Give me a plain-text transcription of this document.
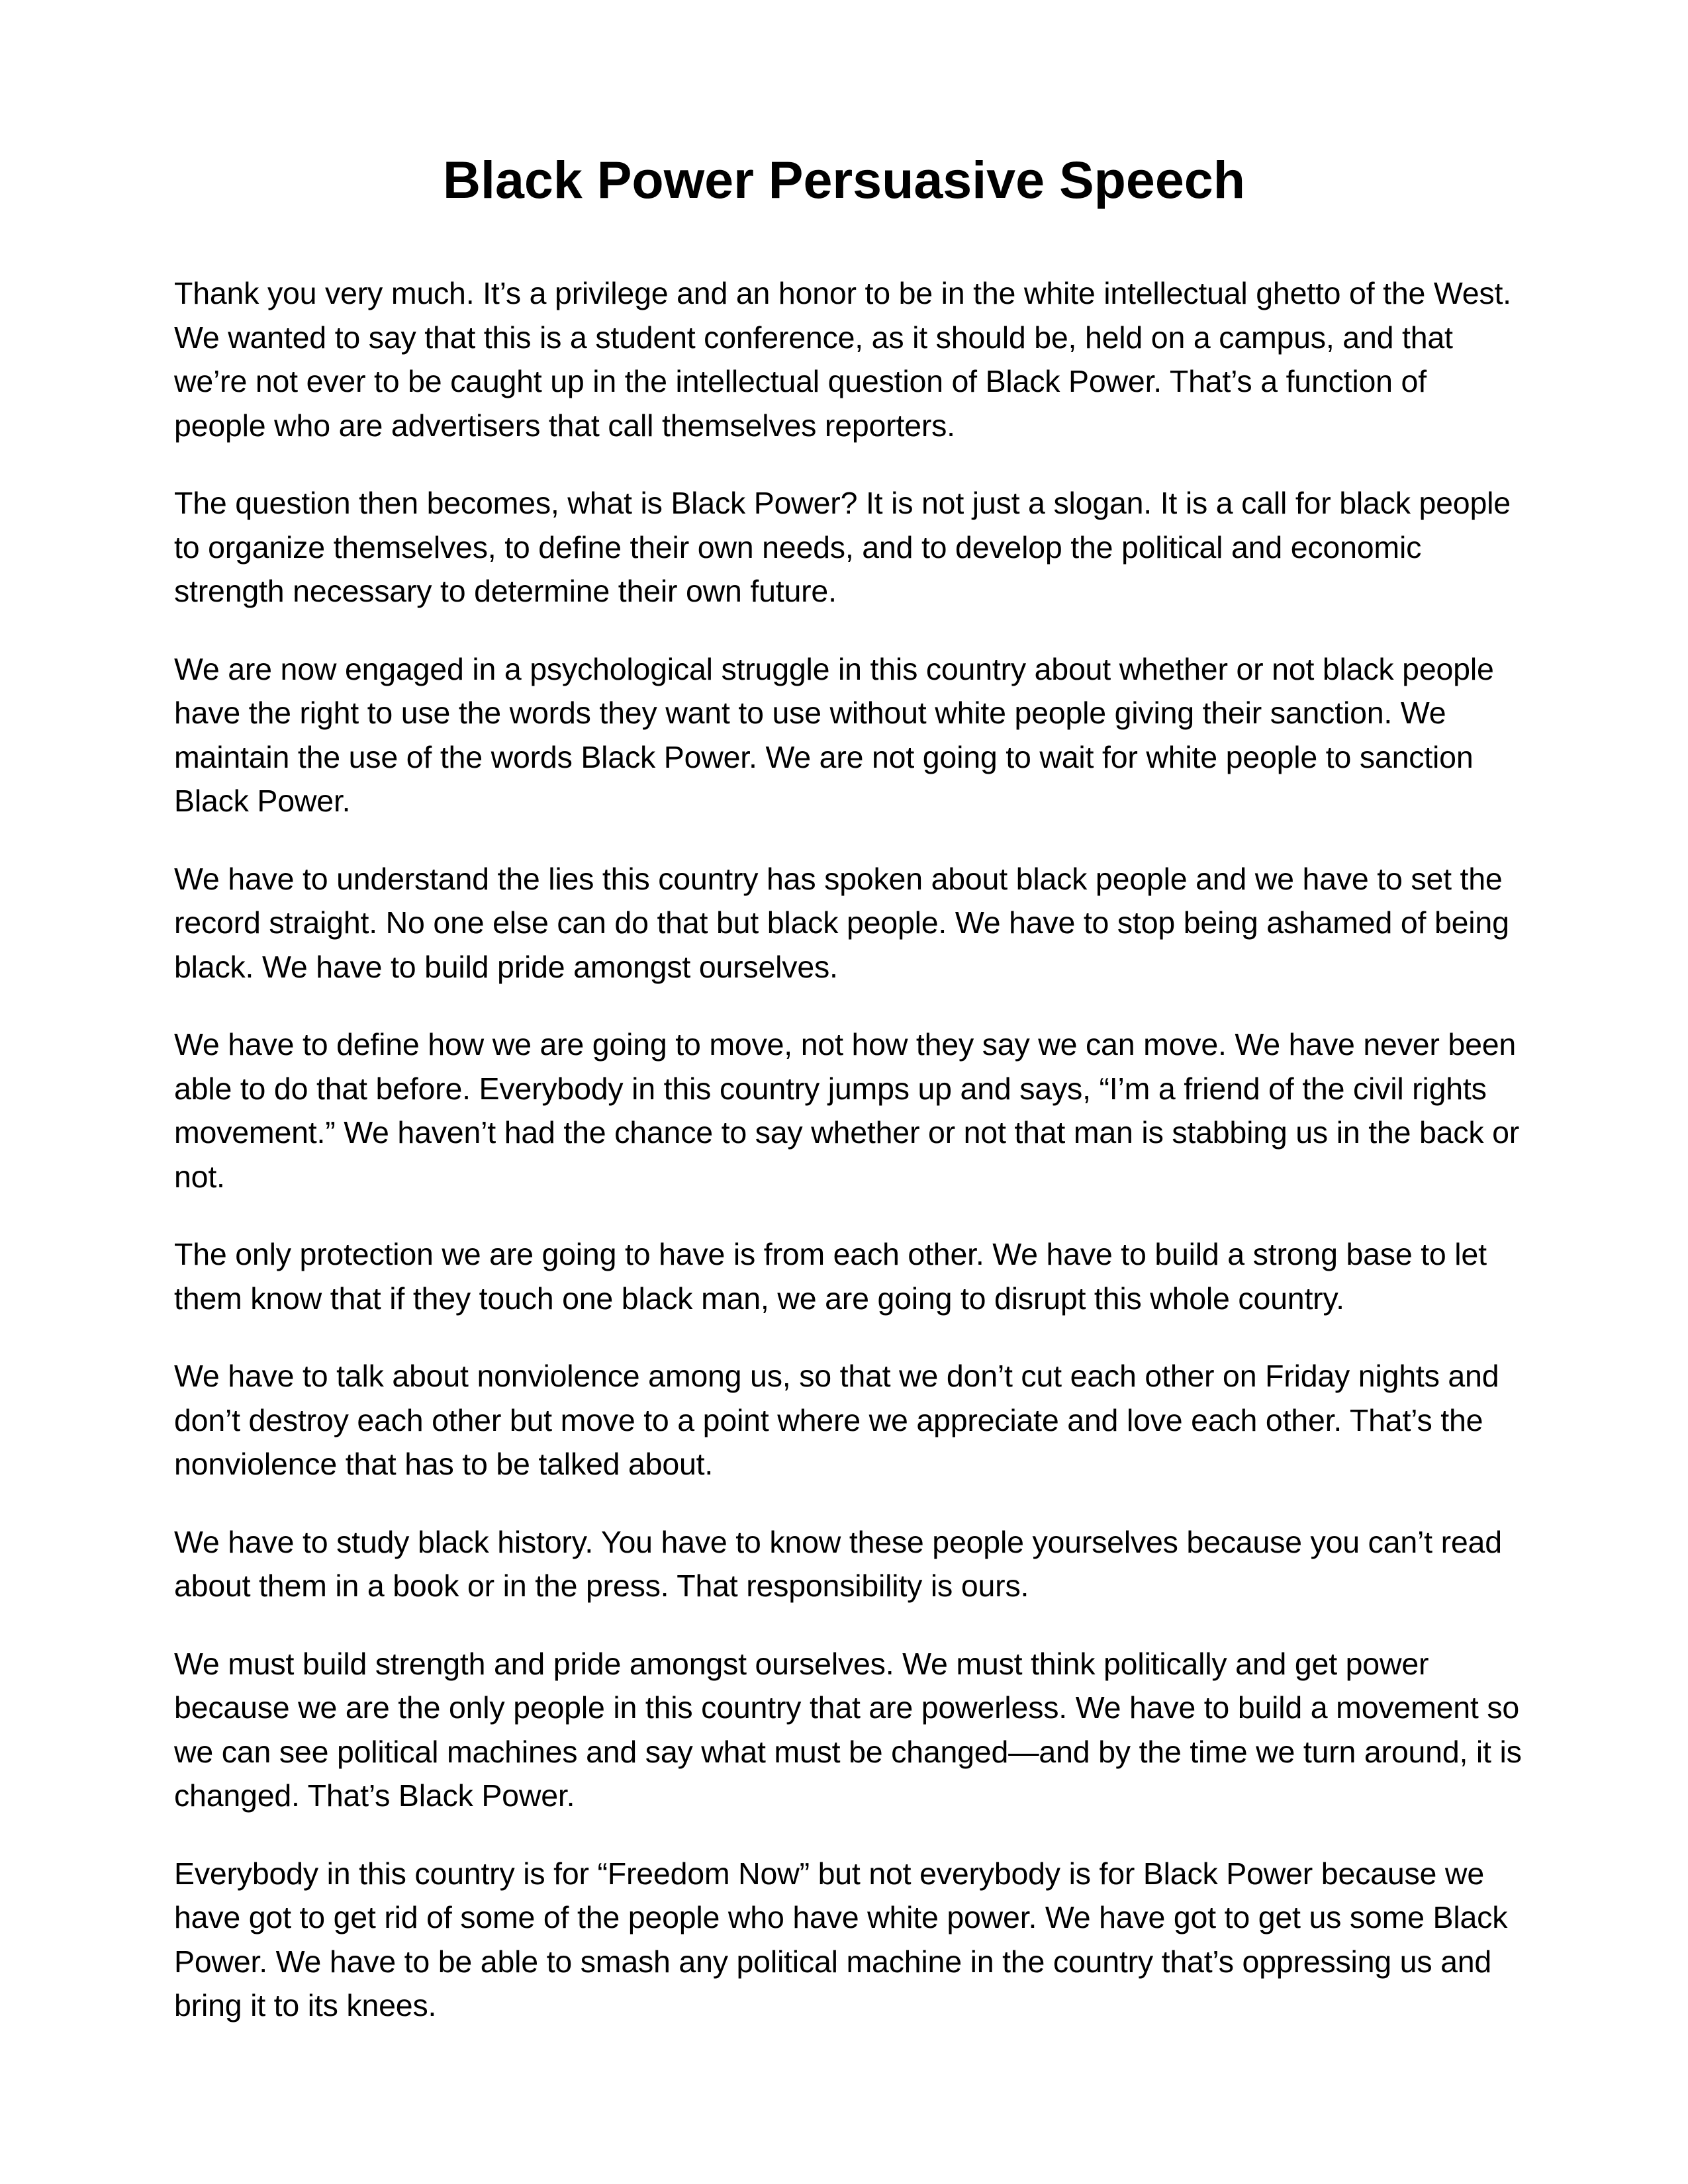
Black Power Persuasive Speech

Thank you very much. It’s a privilege and an honor to be in the white intellectual ghetto of the West.
We wanted to say that this is a student conference, as it should be, held on a campus, and that
we’re not ever to be caught up in the intellectual question of Black Power. That’s a function of
people who are advertisers that call themselves reporters.

The question then becomes, what is Black Power? It is not just a slogan. It is a call for black people
to organize themselves, to define their own needs, and to develop the political and economic
strength necessary to determine their own future.

We are now engaged in a psychological struggle in this country about whether or not black people
have the right to use the words they want to use without white people giving their sanction. We
maintain the use of the words Black Power. We are not going to wait for white people to sanction
Black Power.

We have to understand the lies this country has spoken about black people and we have to set the
record straight. No one else can do that but black people. We have to stop being ashamed of being
black. We have to build pride amongst ourselves.

We have to define how we are going to move, not how they say we can move. We have never been
able to do that before. Everybody in this country jumps up and says, “I’m a friend of the civil rights
movement.” We haven’t had the chance to say whether or not that man is stabbing us in the back or
not.

The only protection we are going to have is from each other. We have to build a strong base to let
them know that if they touch one black man, we are going to disrupt this whole country.

We have to talk about nonviolence among us, so that we don’t cut each other on Friday nights and
don’t destroy each other but move to a point where we appreciate and love each other. That’s the
nonviolence that has to be talked about.

We have to study black history. You have to know these people yourselves because you can’t read
about them in a book or in the press. That responsibility is ours.

We must build strength and pride amongst ourselves. We must think politically and get power
because we are the only people in this country that are powerless. We have to build a movement so
we can see political machines and say what must be changed—and by the time we turn around, it is
changed. That’s Black Power.

Everybody in this country is for “Freedom Now” but not everybody is for Black Power because we
have got to get rid of some of the people who have white power. We have got to get us some Black
Power. We have to be able to smash any political machine in the country that’s oppressing us and
bring it to its knees.
